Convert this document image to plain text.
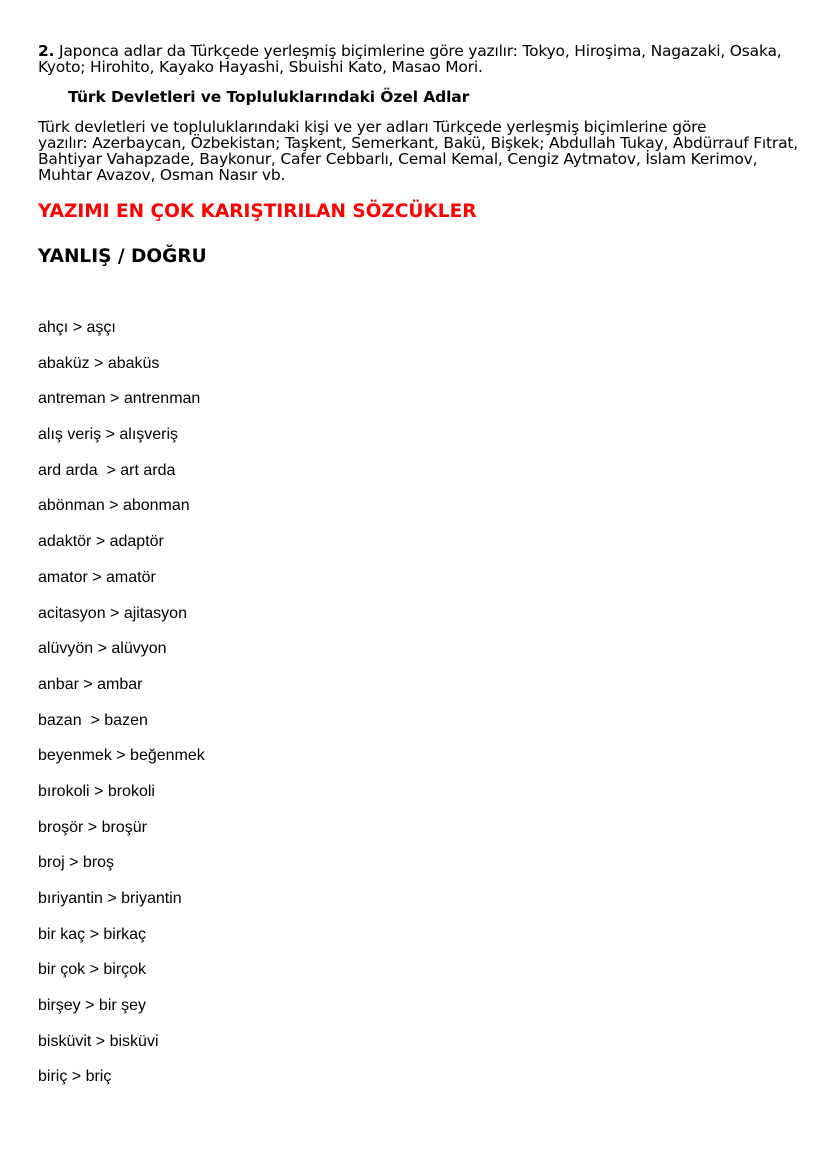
2. Japonca adlar da Türkçede yerleşmiş biçimlerine göre yazılır: Tokyo, Hiroşima, Nagazaki, Osaka, Kyoto; Hirohito, Kayako Hayashi, Sbuishi Kato, Masao Mori.

Türk Devletleri ve Topluluklarındaki Özel Adlar
Türk devletleri ve topluluklarındaki kişi ve yer adları Türkçede yerleşmiş biçimlerine göre
yazılır: Azerbaycan, Özbekistan; Taşkent, Semerkant, Bakü, Bişkek; Abdullah Tukay, Abdürrauf Fıtrat,
Bahtiyar Vahapzade, Baykonur, Cafer Cebbarlı, Cemal Kemal, Cengiz Aytmatov, İslam Kerimov,
Muhtar Avazov, Osman Nasır vb.
YAZIMI EN ÇOK KARIŞTIRILAN SÖZCÜKLER
YANLIŞ / DOĞRU
ahçı > aşçı
abaküz > abaküs
antreman > antrenman
alış veriş > alışveriş
ard arda  > art arda
abönman > abonman
adaktör > adaptör
amator > amatör
acitasyon > ajitasyon
alüvyön > alüvyon
anbar > ambar
bazan  > bazen
beyenmek > beğenmek
bırokoli > brokoli
broşör > broşür
broj > broş
bıriyantin > briyantin
bir kaç > birkaç
bir çok > birçok
birşey > bir şey
bisküvit > bisküvi
biriç > briç
